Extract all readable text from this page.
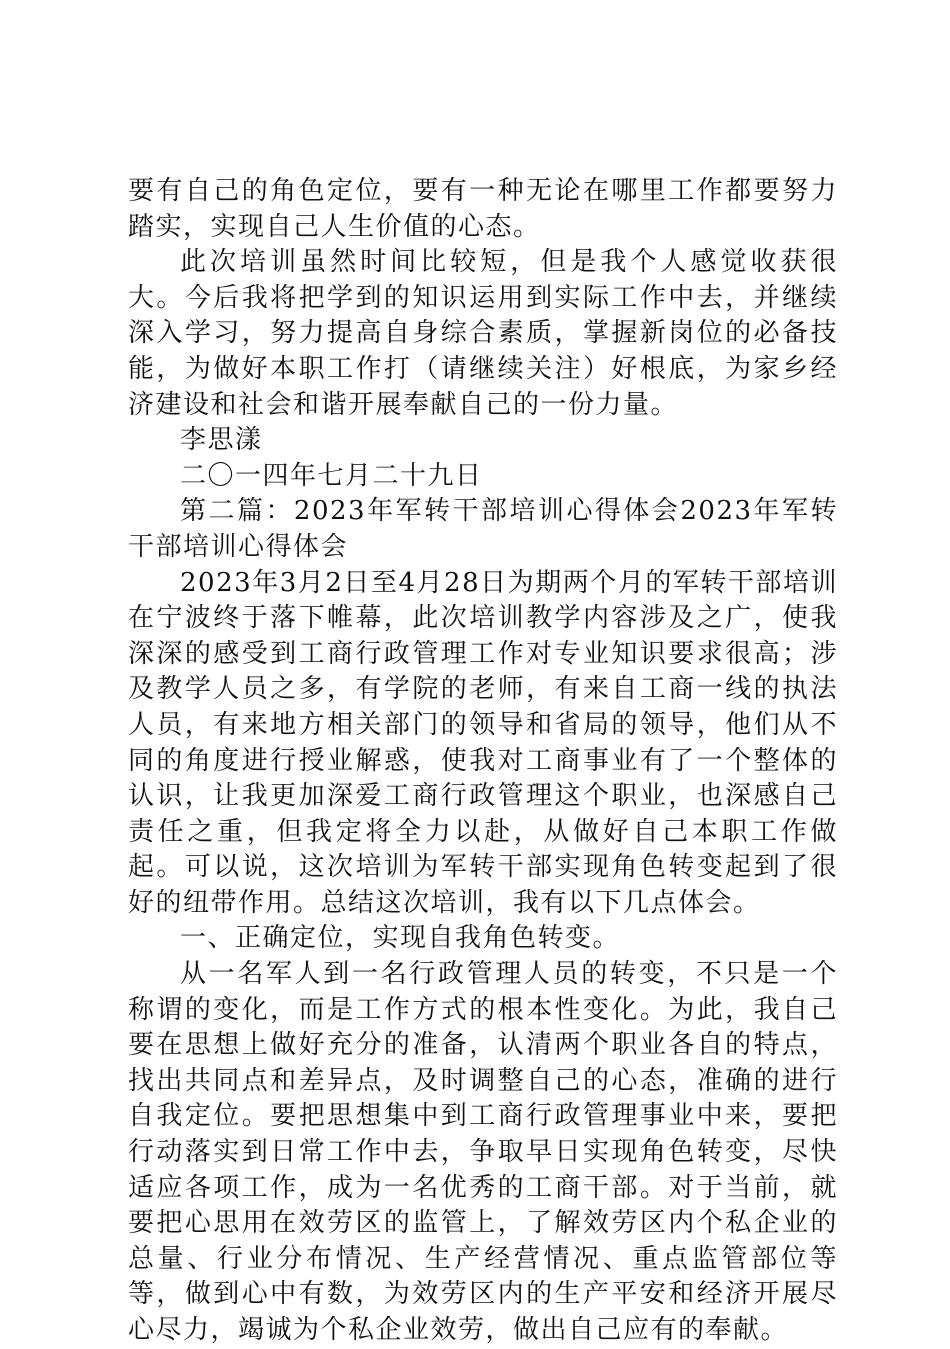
要有自己的角色定位，要有一种无论在哪里工作都要努力踏实，实现自己人生价值的心态。

此次培训虽然时间比较短，但是我个人感觉收获很大。今后我将把学到的知识运用到实际工作中去，并继续深入学习，努力提高自身综合素质，掌握新岗位的必备技能，为做好本职工作打（请继续关注）好根底，为家乡经济建设和社会和谐开展奉献自己的一份力量。

李思漾

二〇一四年七月二十九日

第二篇：2023年军转干部培训心得体会2023年军转干部培训心得体会

2023年3月2日至4月28日为期两个月的军转干部培训在宁波终于落下帷幕，此次培训教学内容涉及之广，使我深深的感受到工商行政管理工作对专业知识要求很高；涉及教学人员之多，有学院的老师，有来自工商一线的执法人员，有来地方相关部门的领导和省局的领导，他们从不同的角度进行授业解惑，使我对工商事业有了一个整体的认识，让我更加深爱工商行政管理这个职业，也深感自己责任之重，但我定将全力以赴，从做好自己本职工作做起。可以说，这次培训为军转干部实现角色转变起到了很好的纽带作用。总结这次培训，我有以下几点体会。

一、正确定位，实现自我角色转变。

从一名军人到一名行政管理人员的转变，不只是一个称谓的变化，而是工作方式的根本性变化。为此，我自己要在思想上做好充分的准备，认清两个职业各自的特点，找出共同点和差异点，及时调整自己的心态，准确的进行自我定位。要把思想集中到工商行政管理事业中来，要把行动落实到日常工作中去，争取早日实现角色转变，尽快适应各项工作，成为一名优秀的工商干部。对于当前，就要把心思用在效劳区的监管上，了解效劳区内个私企业的总量、行业分布情况、生产经营情况、重点监管部位等等，做到心中有数，为效劳区内的生产平安和经济开展尽心尽力，竭诚为个私企业效劳，做出自己应有的奉献。
